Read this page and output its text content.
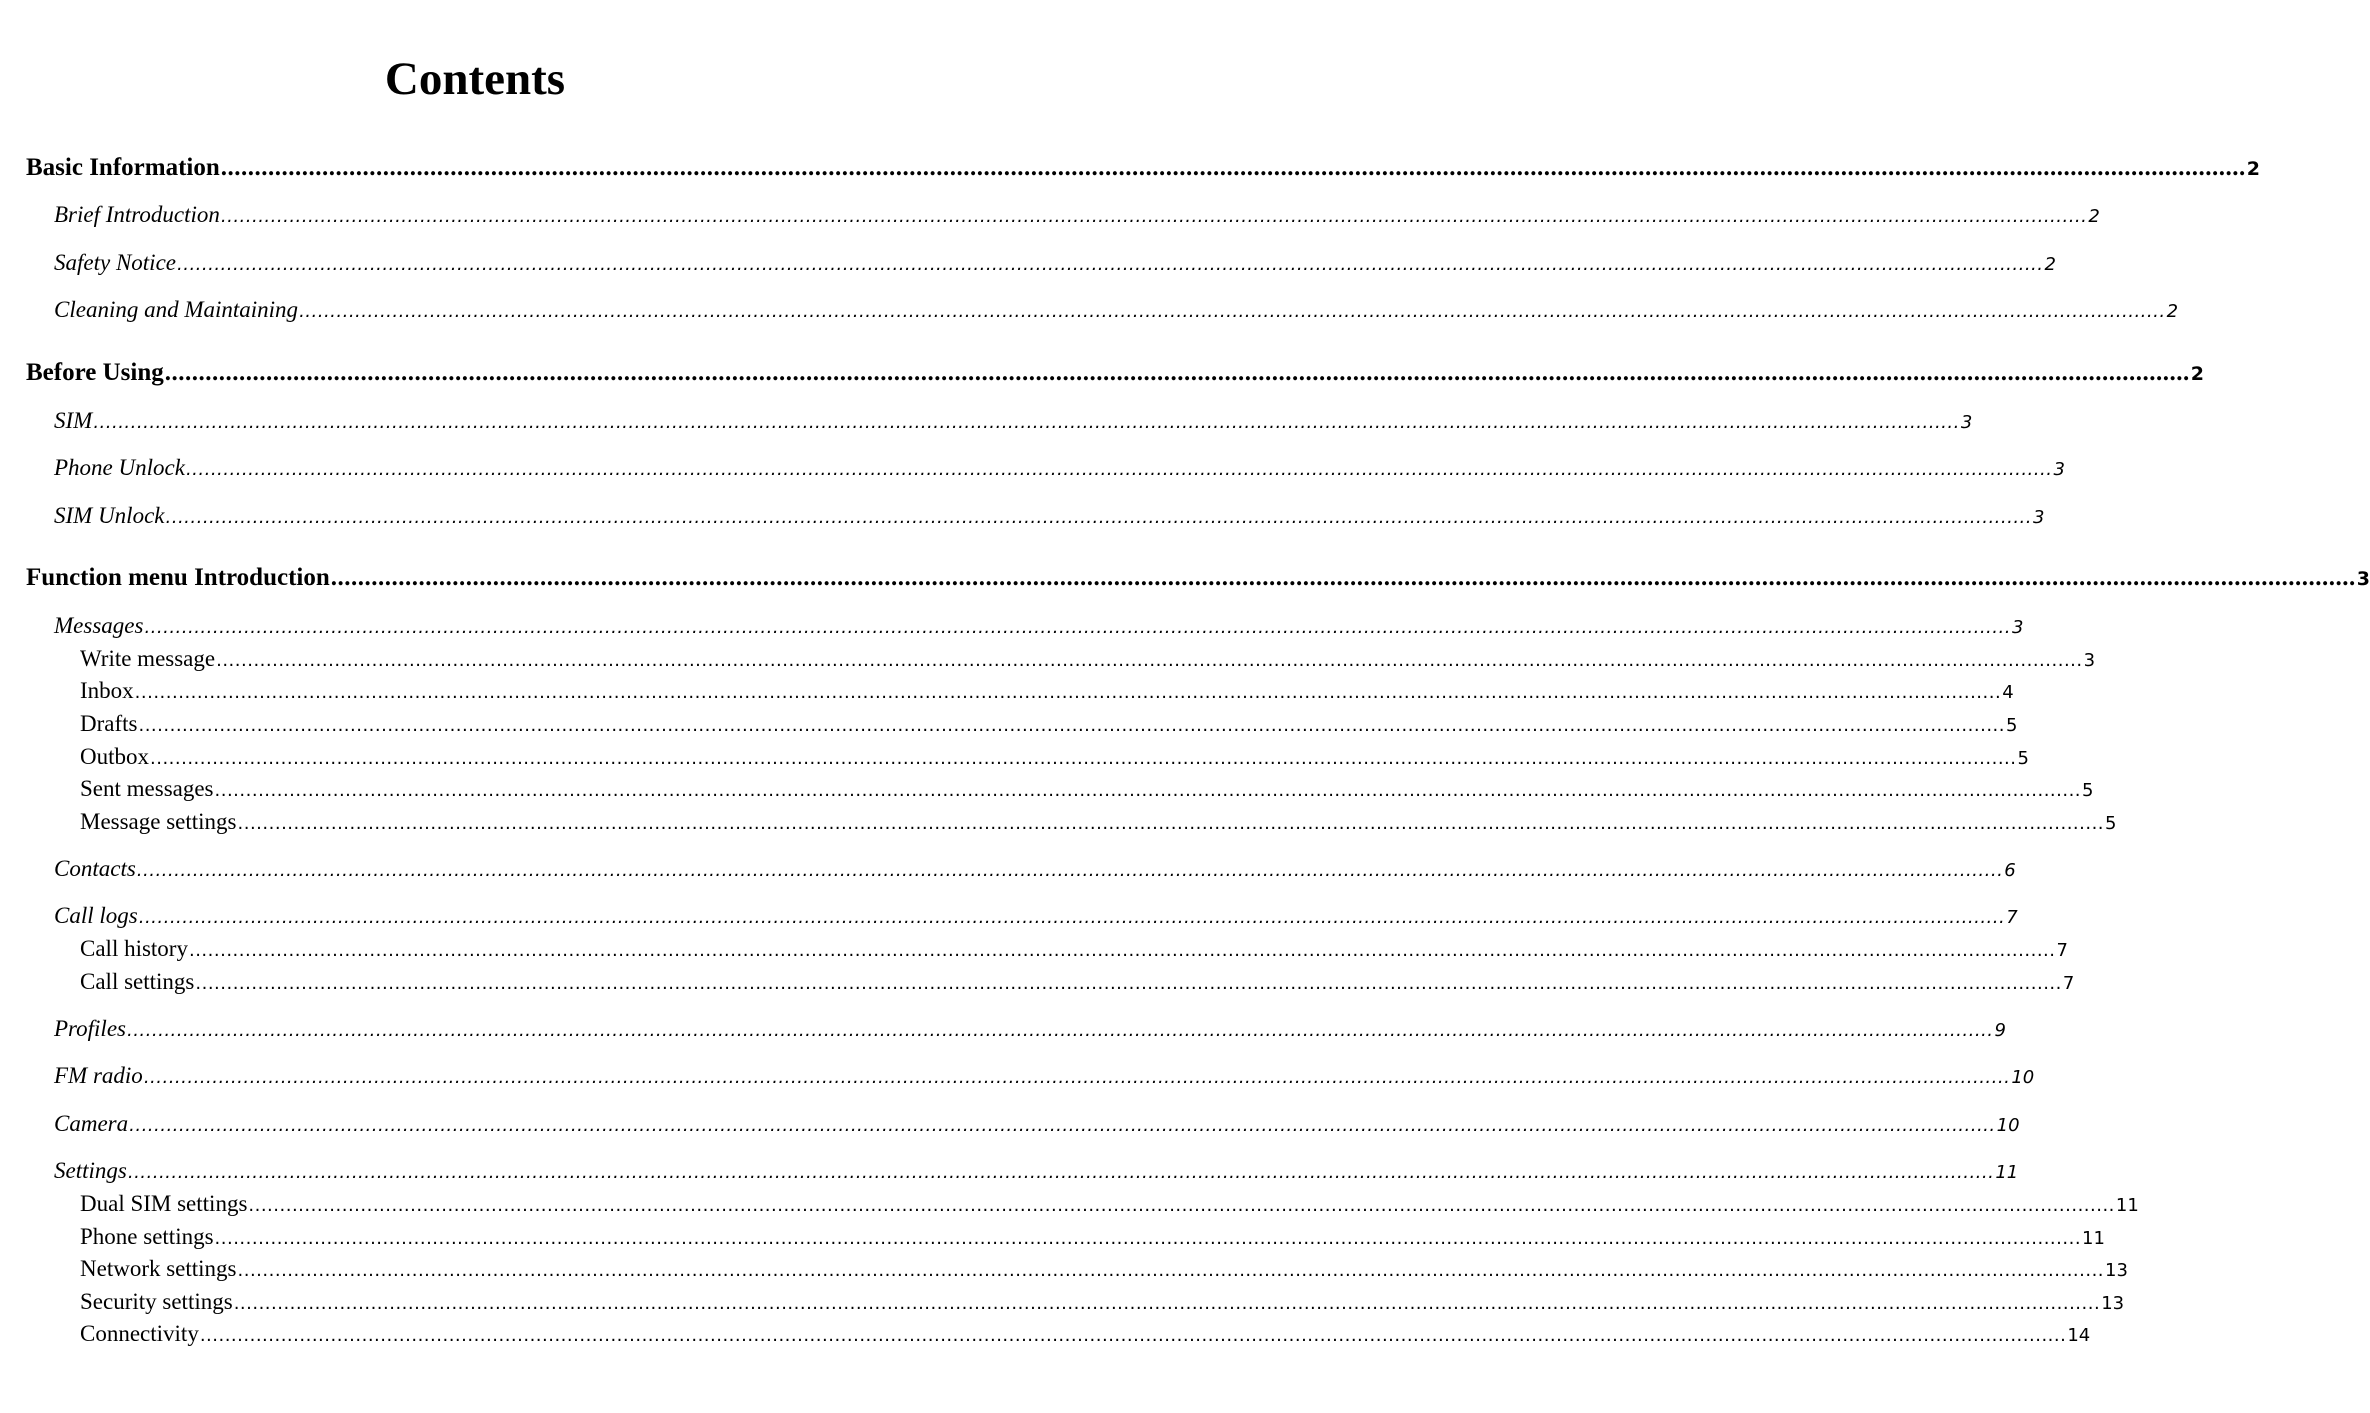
Contents
Basic Information ............................................................................................................................................................................................................................................................................................................ 2
Brief Introduction ............................................................................................................................................................................................................................................................................................................ 2
Safety Notice ............................................................................................................................................................................................................................................................................................................ 2
Cleaning and Maintaining ............................................................................................................................................................................................................................................................................................................ 2
Before Using ............................................................................................................................................................................................................................................................................................................ 2
SIM ............................................................................................................................................................................................................................................................................................................ 3
Phone Unlock ............................................................................................................................................................................................................................................................................................................ 3
SIM Unlock ............................................................................................................................................................................................................................................................................................................ 3
Function menu Introduction ............................................................................................................................................................................................................................................................................................................ 3
Messages ............................................................................................................................................................................................................................................................................................................ 3
Write message ............................................................................................................................................................................................................................................................................................................ 3
Inbox ............................................................................................................................................................................................................................................................................................................ 4
Drafts ............................................................................................................................................................................................................................................................................................................ 5
Outbox ............................................................................................................................................................................................................................................................................................................ 5
Sent messages ............................................................................................................................................................................................................................................................................................................ 5
Message settings ............................................................................................................................................................................................................................................................................................................ 5
Contacts ............................................................................................................................................................................................................................................................................................................ 6
Call logs ............................................................................................................................................................................................................................................................................................................ 7
Call history ............................................................................................................................................................................................................................................................................................................ 7
Call settings ............................................................................................................................................................................................................................................................................................................ 7
Profiles ............................................................................................................................................................................................................................................................................................................ 9
FM radio ............................................................................................................................................................................................................................................................................................................ 10
Camera ............................................................................................................................................................................................................................................................................................................ 10
Settings ............................................................................................................................................................................................................................................................................................................ 11
Dual SIM settings ............................................................................................................................................................................................................................................................................................................ 11
Phone settings ............................................................................................................................................................................................................................................................................................................ 11
Network settings ............................................................................................................................................................................................................................................................................................................ 13
Security settings ............................................................................................................................................................................................................................................................................................................ 13
Connectivity ............................................................................................................................................................................................................................................................................................................ 14
